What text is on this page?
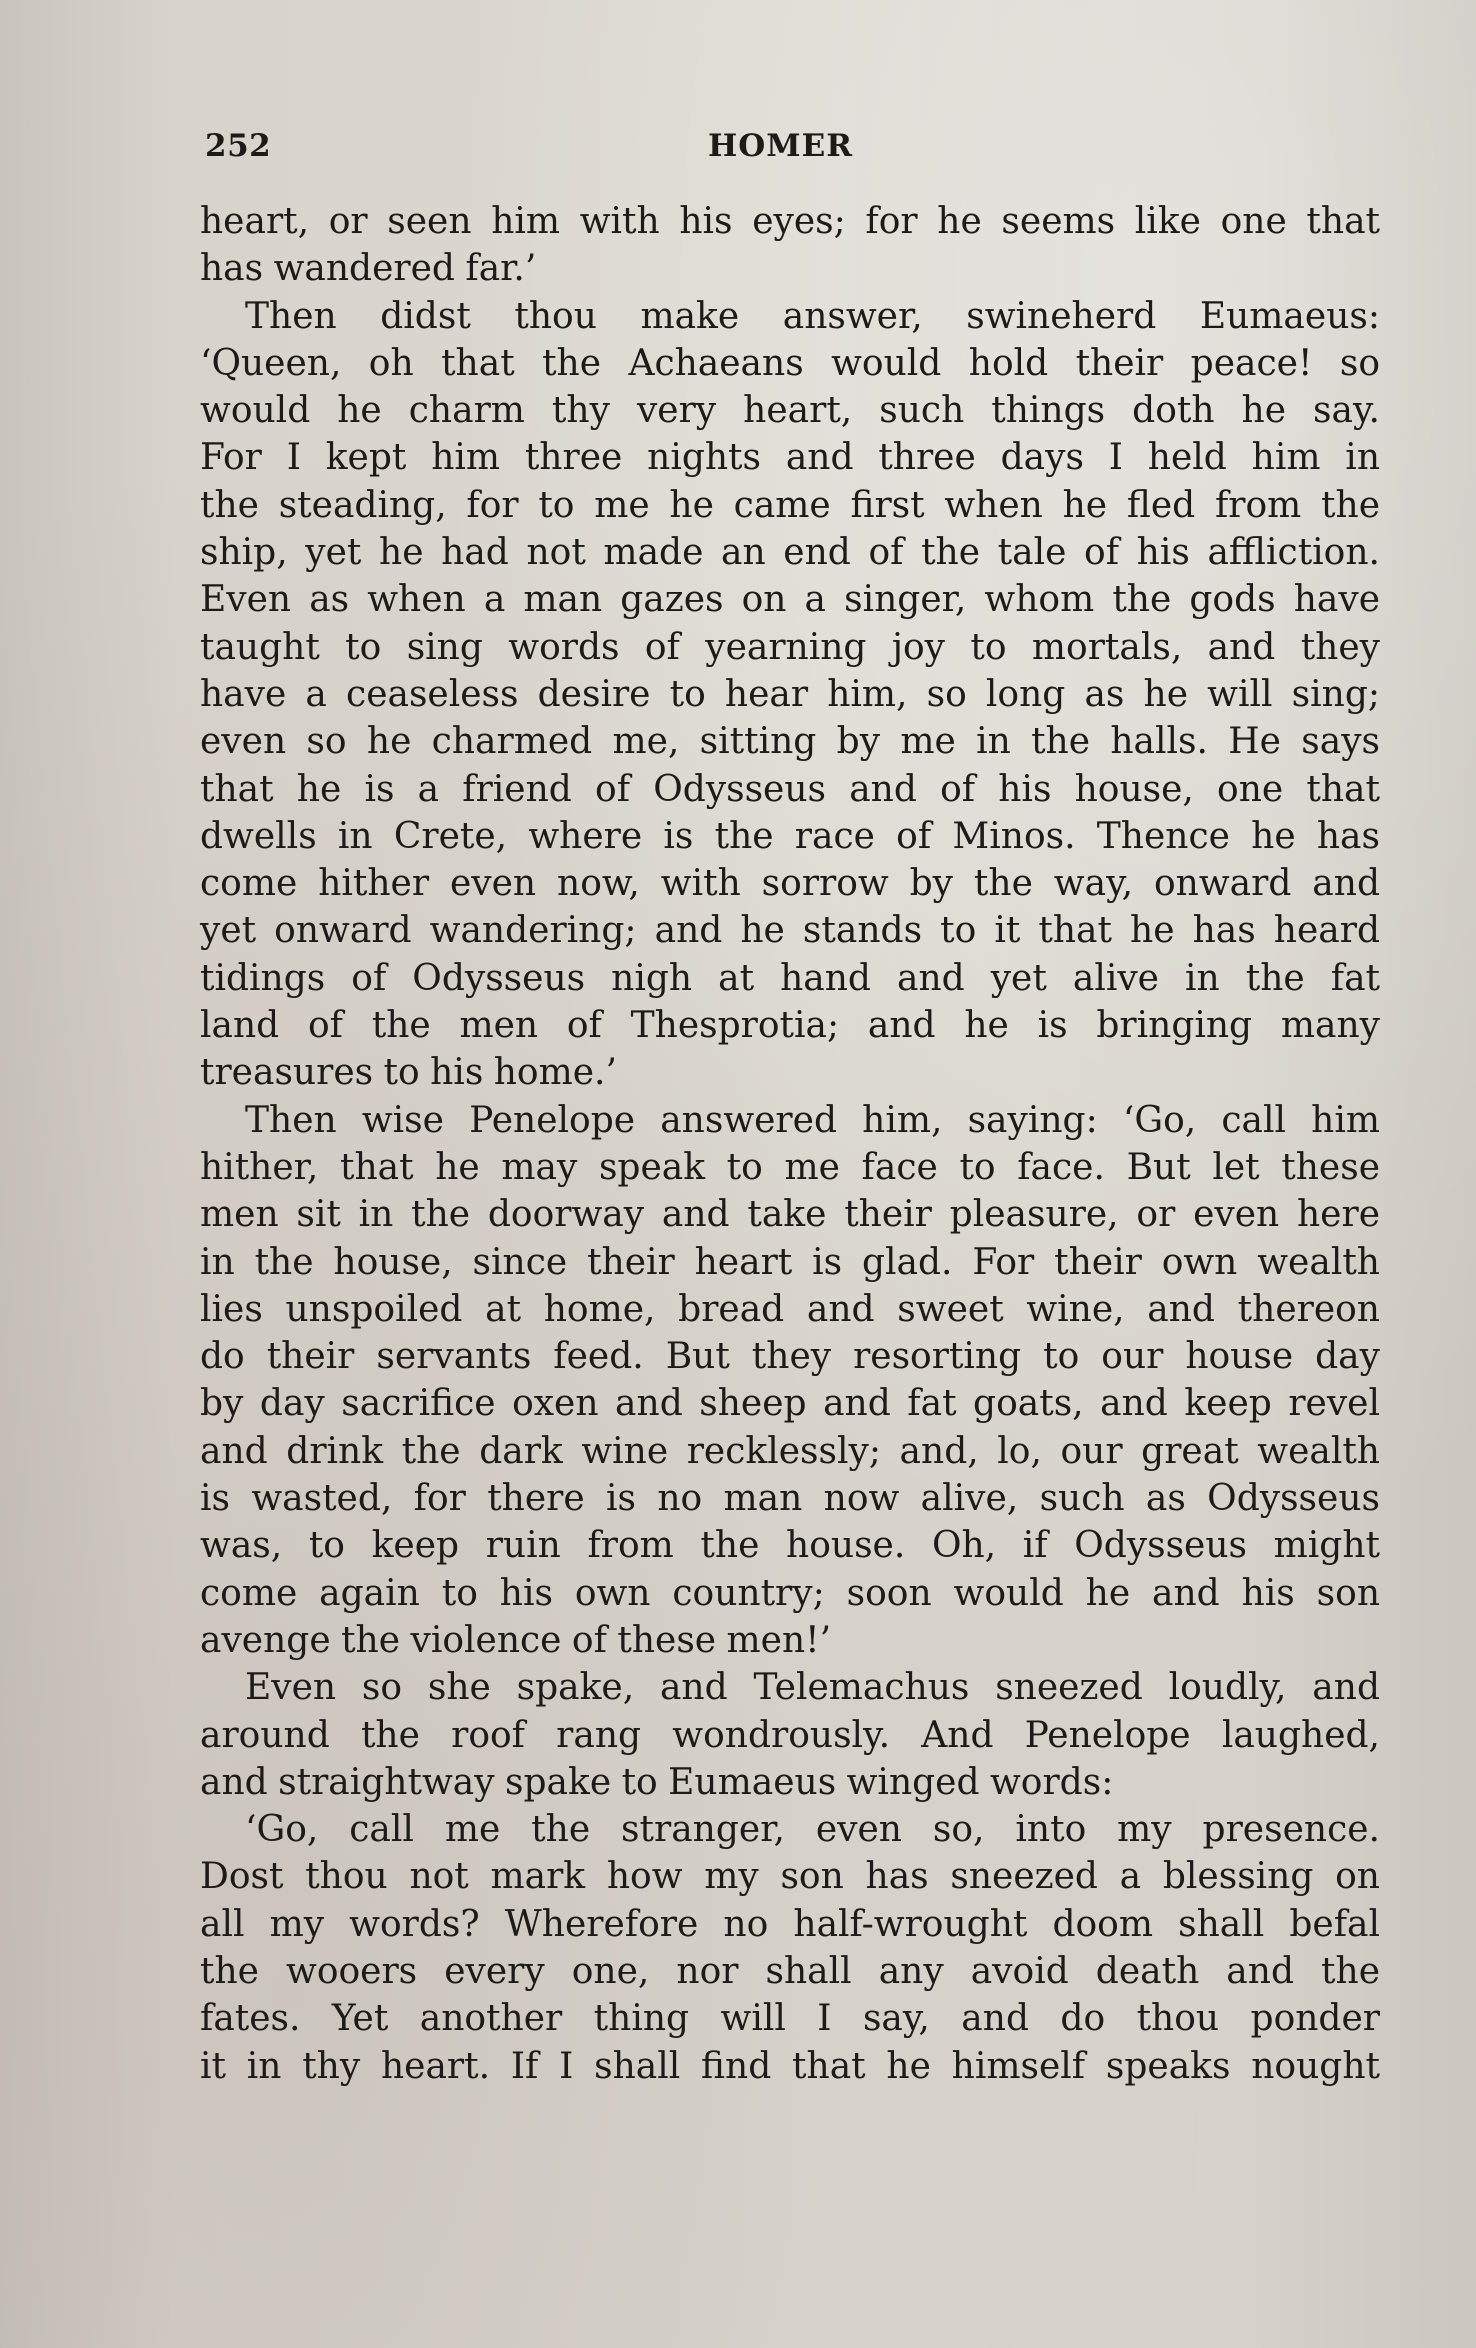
252	HOMER
heart, or seen him with his eyes; for he seems like one that
has wandered far.’
Then didst thou make answer, swineherd Eumaeus:
‘Queen, oh that the Achaeans would hold their peace! so
would he charm thy very heart, such things doth he say.
For I kept him three nights and three days I held him in
the steading, for to me he came first when he fled from the
ship, yet he had not made an end of the tale of his affliction.
Even as when a man gazes on a singer, whom the gods have
taught to sing words of yearning joy to mortals, and they
have a ceaseless desire to hear him, so long as he will sing;
even so he charmed me, sitting by me in the halls. He says
that he is a friend of Odysseus and of his house, one that
dwells in Crete, where is the race of Minos. Thence he has
come hither even now, with sorrow by the way, onward and
yet onward wandering; and he stands to it that he has heard
tidings of Odysseus nigh at hand and yet alive in the fat
land of the men of Thesprotia; and he is bringing many
treasures to his home.’
Then wise Penelope answered him, saying: ‘Go, call him
hither, that he may speak to me face to face. But let these
men sit in the doorway and take their pleasure, or even here
in the house, since their heart is glad. For their own wealth
lies unspoiled at home, bread and sweet wine, and thereon
do their servants feed. But they resorting to our house day
by day sacrifice oxen and sheep and fat goats, and keep revel
and drink the dark wine recklessly; and, lo, our great wealth
is wasted, for there is no man now alive, such as Odysseus
was, to keep ruin from the house. Oh, if Odysseus might
come again to his own country; soon would he and his son
avenge the violence of these men!’
Even so she spake, and Telemachus sneezed loudly, and
around the roof rang wondrously. And Penelope laughed,
and straightway spake to Eumaeus winged words:
‘Go, call me the stranger, even so, into my presence.
Dost thou not mark how my son has sneezed a blessing on
all my words? Wherefore no half-wrought doom shall befal
the wooers every one, nor shall any avoid death and the
fates. Yet another thing will I say, and do thou ponder
it in thy heart. If I shall find that he himself speaks nought
